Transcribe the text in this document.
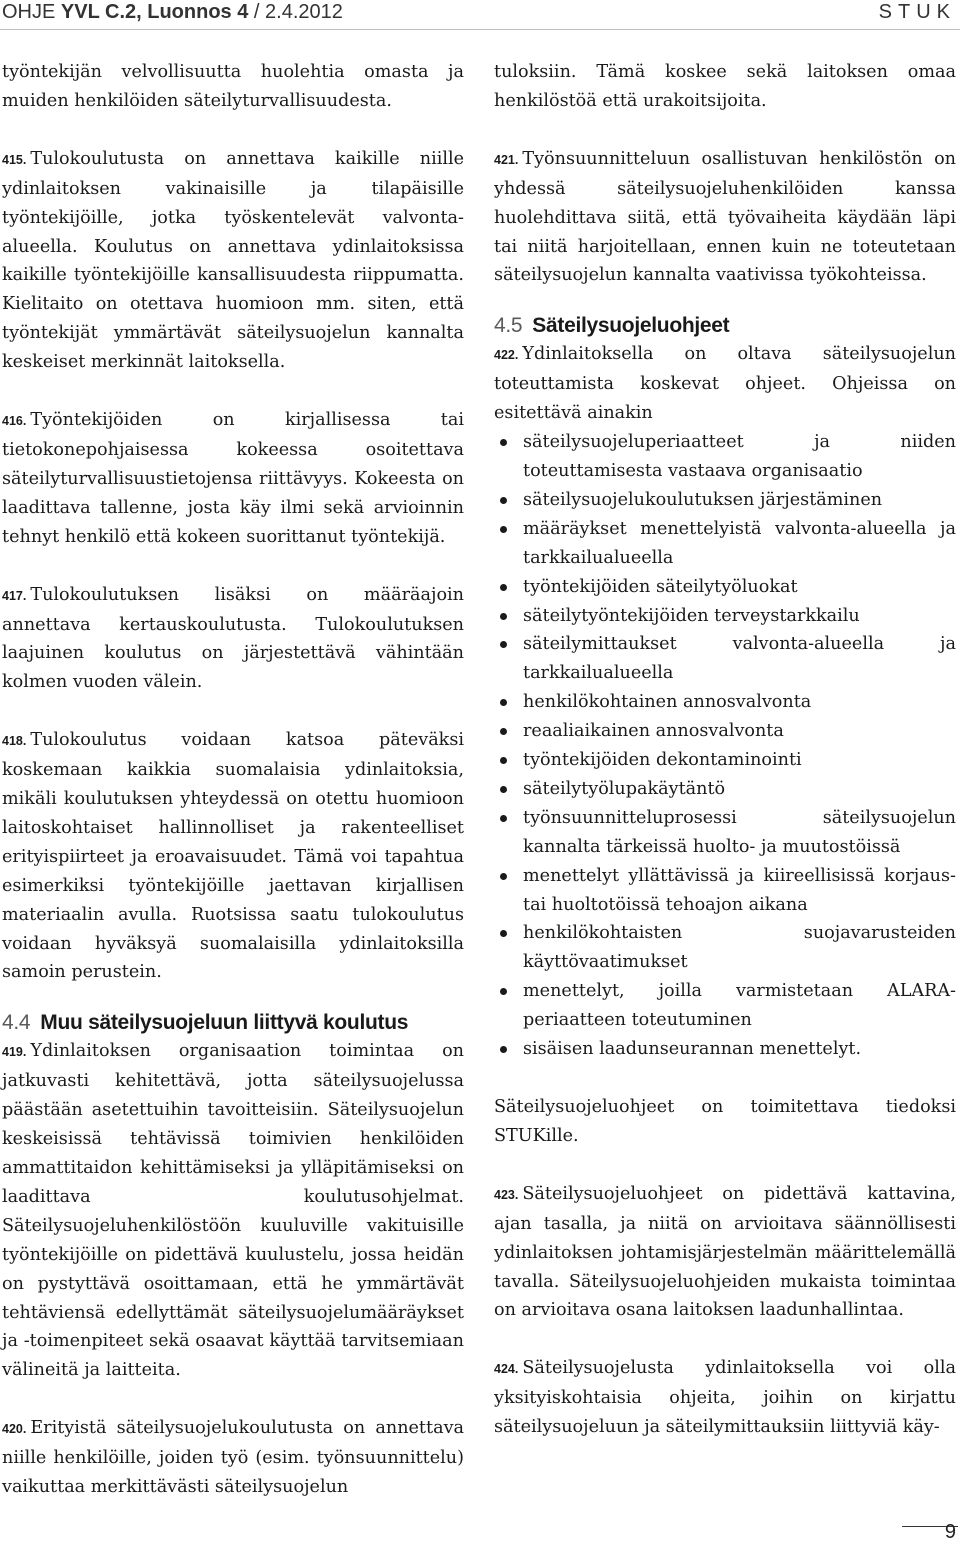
OHJE YVL C.2, Luonnos 4 / 2.4.2012	STUK

työntekijän velvollisuutta huolehtia omasta ja muiden henkilöiden säteilyturvallisuudesta.

415. Tulokoulutusta on annettava kaikille niille ydinlaitoksen vakinaisille ja tilapäisille työntekijöille, jotka työskentelevät valvonta-alueella. Koulutus on annettava ydinlaitoksissa kaikille työntekijöille kansallisuudesta riippumatta. Kielitaito on otettava huomioon mm. siten, että työntekijät ymmärtävät säteilysuojelun kannalta keskeiset merkinnät laitoksella.

416. Työntekijöiden on kirjallisessa tai tietokonepohjaisessa kokeessa osoitettava säteilyturvallisuustietojensa riittävyys. Kokeesta on laadittava tallenne, josta käy ilmi sekä arvioinnin tehnyt henkilö että kokeen suorittanut työntekijä.

417. Tulokoulutuksen lisäksi on määräajoin annettava kertauskoulutusta. Tulokoulutuksen laajuinen koulutus on järjestettävä vähintään kolmen vuoden välein.

418. Tulokoulutus voidaan katsoa päteväksi koskemaan kaikkia suomalaisia ydinlaitoksia, mikäli koulutuksen yhteydessä on otettu huomioon laitoskohtaiset hallinnolliset ja rakenteelliset erityispiirteet ja eroavaisuudet. Tämä voi tapahtua esimerkiksi työntekijöille jaettavan kirjallisen materiaalin avulla. Ruotsissa saatu tulokoulutus voidaan hyväksyä suomalaisilla ydinlaitoksilla samoin perustein.

4.4 Muu säteilysuojeluun liittyvä koulutus

419. Ydinlaitoksen organisaation toimintaa on jatkuvasti kehitettävä, jotta säteilysuojelussa päästään asetettuihin tavoitteisiin. Säteilysuojelun keskeisissä tehtävissä toimivien henkilöiden ammattitaidon kehittämiseksi ja ylläpitämiseksi on laadittava koulutusohjelmat. Säteilysuojeluhenkilöstöön kuuluville vakituisille työntekijöille on pidettävä kuulustelu, jossa heidän on pystyttävä osoittamaan, että he ymmärtävät tehtäviensä edellyttämät säteilysuojelumääräykset ja -toimenpiteet sekä osaavat käyttää tarvitsemiaan välineitä ja laitteita.

420. Erityistä säteilysuojelukoulutusta on annettava niille henkilöille, joiden työ (esim. työnsuunnittelu) vaikuttaa merkittävästi säteilysuojelun

tuloksiin. Tämä koskee sekä laitoksen omaa henkilöstöä että urakoitsijoita.

421. Työnsuunnitteluun osallistuvan henkilöstön on yhdessä säteilysuojeluhenkilöiden kanssa huolehdittava siitä, että työvaiheita käydään läpi tai niitä harjoitellaan, ennen kuin ne toteutetaan säteilysuojelun kannalta vaativissa työkohteissa.

4.5 Säteilysuojeluohjeet

422. Ydinlaitoksella on oltava säteilysuojelun toteuttamista koskevat ohjeet. Ohjeissa on esitettävä ainakin

säteilysuojeluperiaatteet ja niiden toteuttamisesta vastaava organisaatio
säteilysuojelukoulutuksen järjestäminen
määräykset menettelyistä valvonta-alueella ja tarkkailualueella
työntekijöiden säteilytyöluokat
säteilytyöntekijöiden terveystarkkailu
säteilymittaukset valvonta-alueella ja tarkkailualueella
henkilökohtainen annosvalvonta
reaaliaikainen annosvalvonta
työntekijöiden dekontaminointi
säteilytyölupakäytäntö
työnsuunnitteluprosessi säteilysuojelun kannalta tärkeissä huolto- ja muutostöissä
menettelyt yllättävissä ja kiireellisissä korjaus- tai huoltotöissä tehoajon aikana
henkilökohtaisten suojavarusteiden käyttövaatimukset
menettelyt, joilla varmistetaan ALARA-periaatteen toteutuminen
sisäisen laadunseurannan menettelyt.

Säteilysuojeluohjeet on toimitettava tiedoksi STUKille.

423. Säteilysuojeluohjeet on pidettävä kattavina, ajan tasalla, ja niitä on arvioitava säännöllisesti ydinlaitoksen johtamisjärjestelmän määrittelemällä tavalla. Säteilysuojeluohjeiden mukaista toimintaa on arvioitava osana laitoksen laadunhallintaa.

424. Säteilysuojelusta ydinlaitoksella voi olla yksityiskohtaisia ohjeita, joihin on kirjattu säteilysuojeluun ja säteilymittauksiin liittyviä käy-

9
